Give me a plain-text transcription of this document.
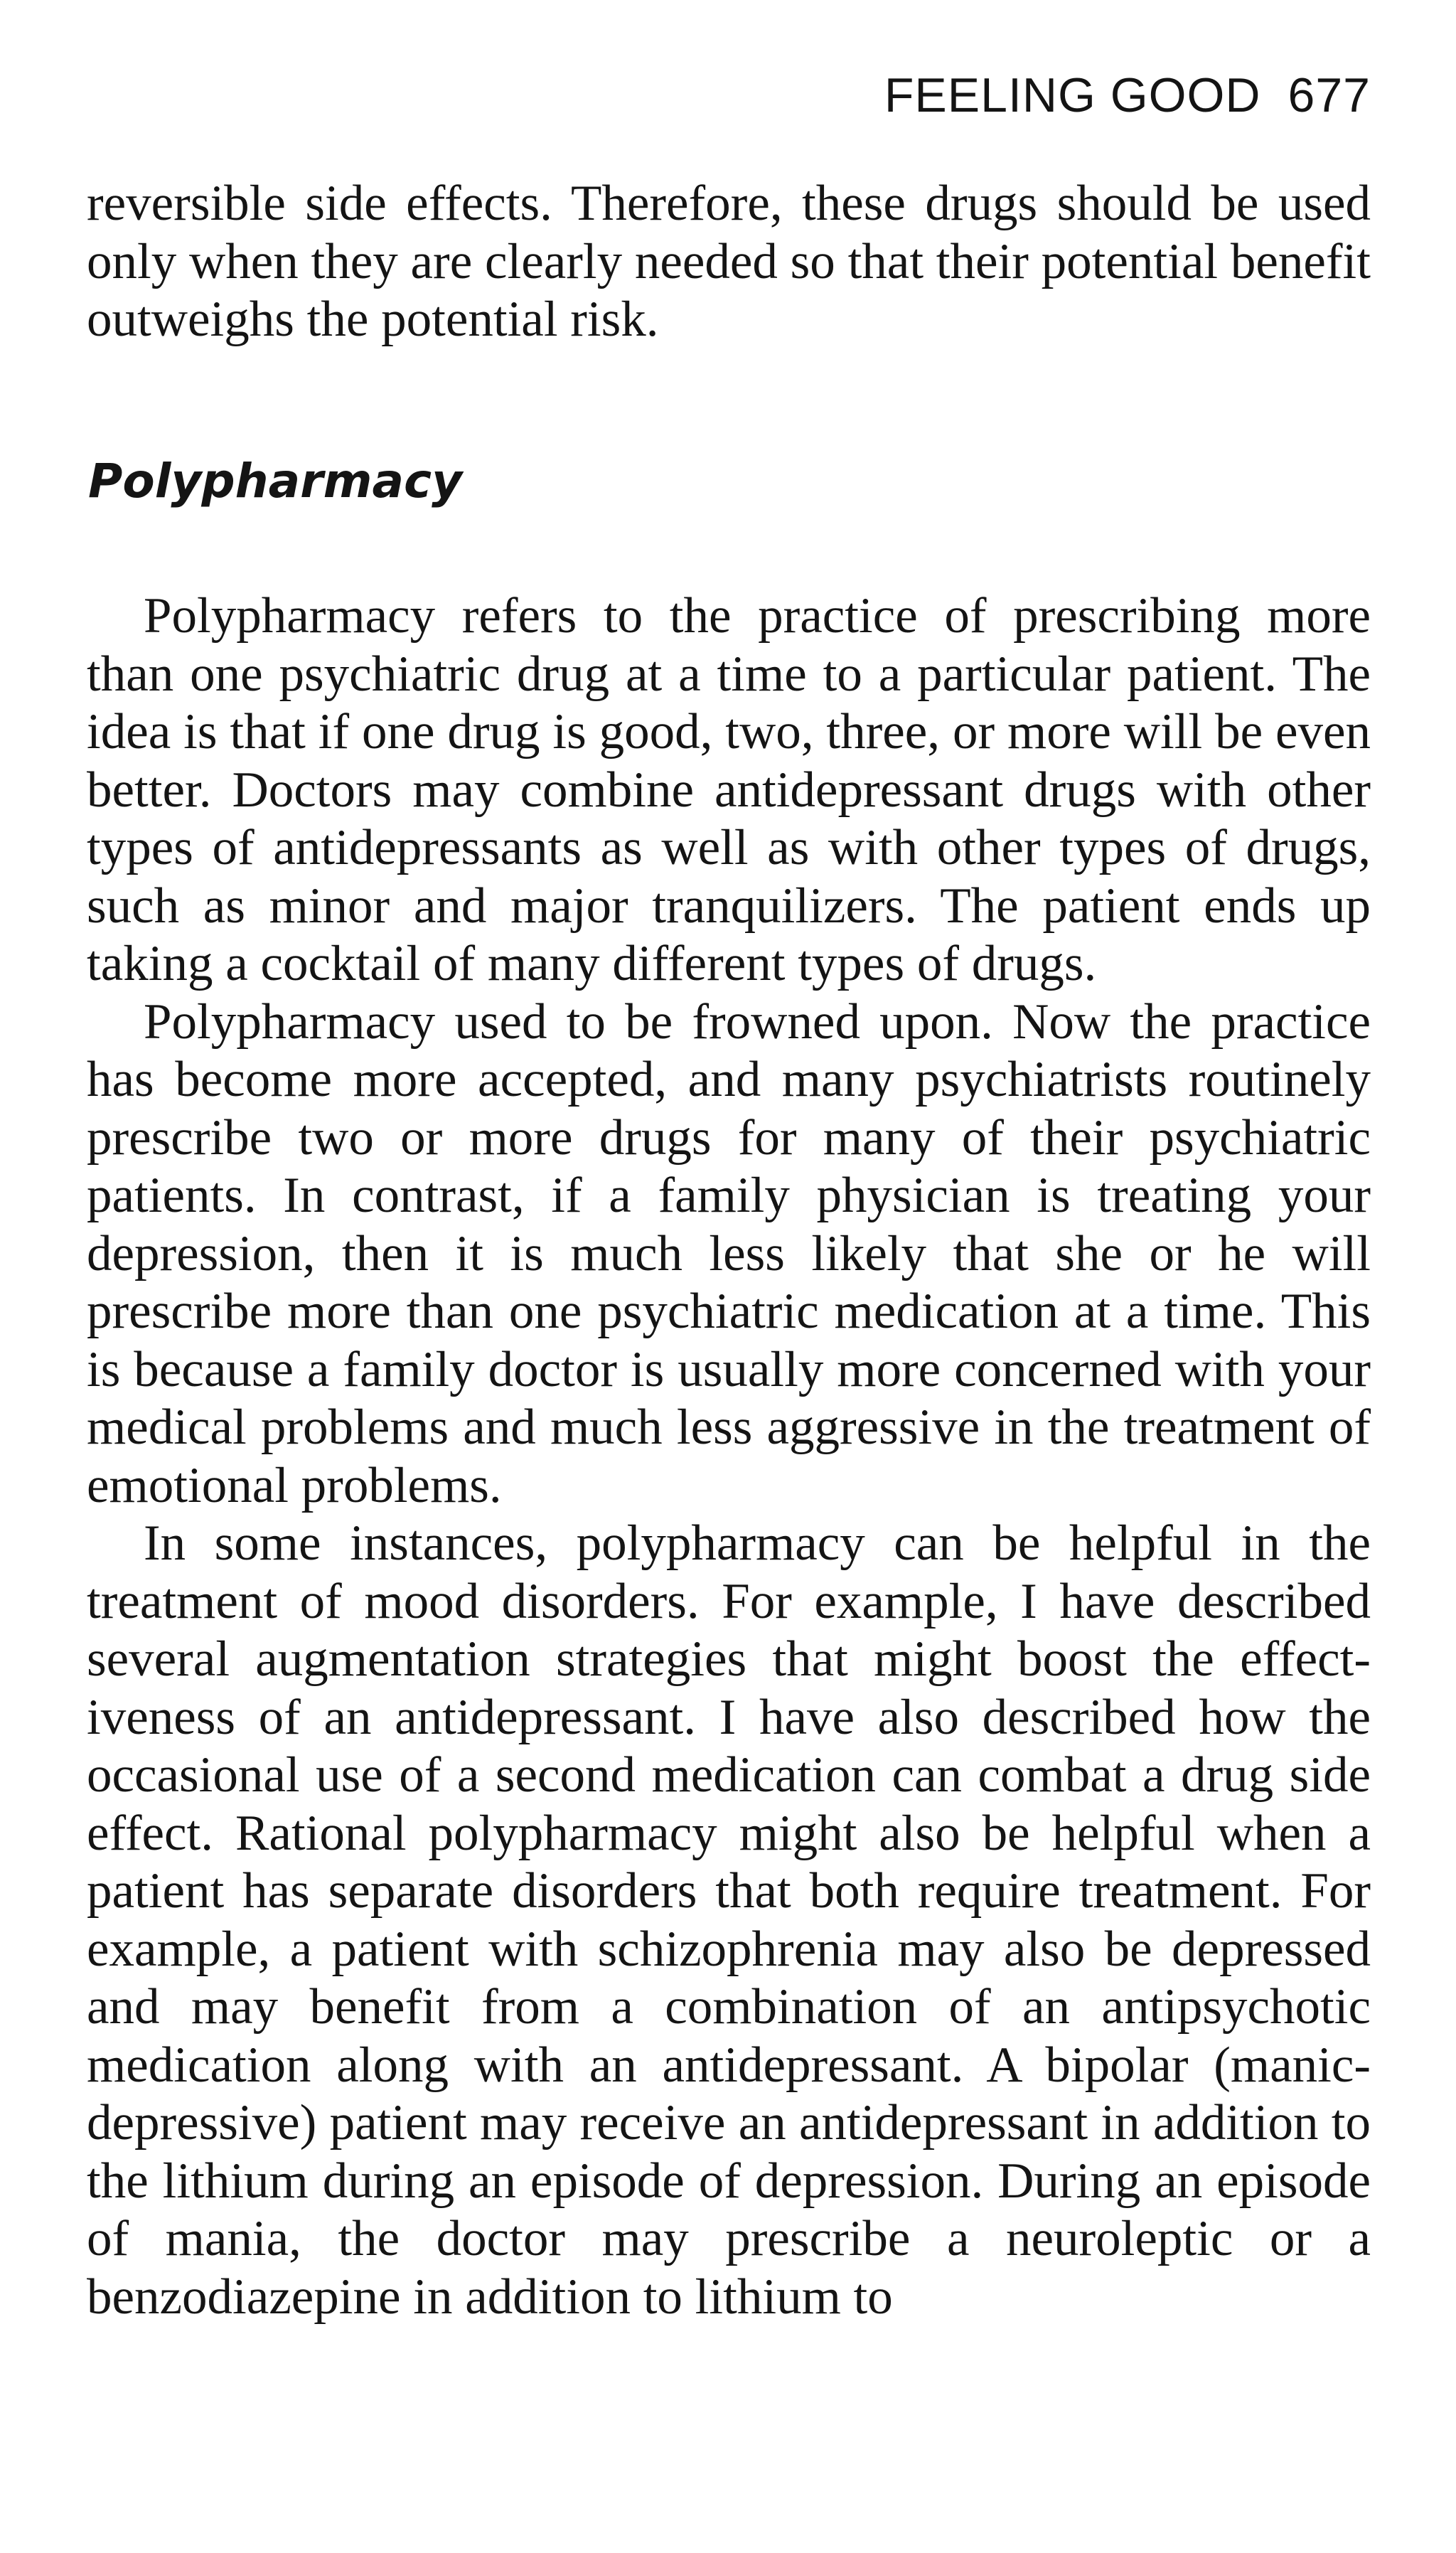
FEELING GOOD 677

reversible side effects. Therefore, these drugs should be used only when they are clearly needed so that their potential benefit outweighs the potential risk.

Polypharmacy

Polypharmacy refers to the practice of prescribing more than one psychiatric drug at a time to a particular patient. The idea is that if one drug is good, two, three, or more will be even better. Doctors may combine antidepressant drugs with other types of antidepressants as well as with other types of drugs, such as minor and major tranquilizers. The patient ends up taking a cocktail of many different types of drugs.

Polypharmacy used to be frowned upon. Now the practice has become more accepted, and many psychiatrists routinely prescribe two or more drugs for many of their psychiatric patients. In contrast, if a family physician is treating your depression, then it is much less likely that she or he will prescribe more than one psychiatric medication at a time. This is because a family doctor is usually more concerned with your medical problems and much less aggressive in the treatment of emotional problems.

In some instances, polypharmacy can be helpful in the treatment of mood disorders. For example, I have described several augmentation strategies that might boost the effectiveness of an antidepressant. I have also described how the occasional use of a second medication can combat a drug side effect. Rational polypharmacy might also be helpful when a patient has separate disorders that both require treatment. For example, a patient with schizophrenia may also be depressed and may benefit from a combination of an antipsychotic medication along with an antidepressant. A bipolar (manic-depressive) patient may receive an antidepressant in addition to the lithium during an episode of depression. During an episode of mania, the doctor may prescribe a neuroleptic or a benzodiazepine in addition to lithium to
